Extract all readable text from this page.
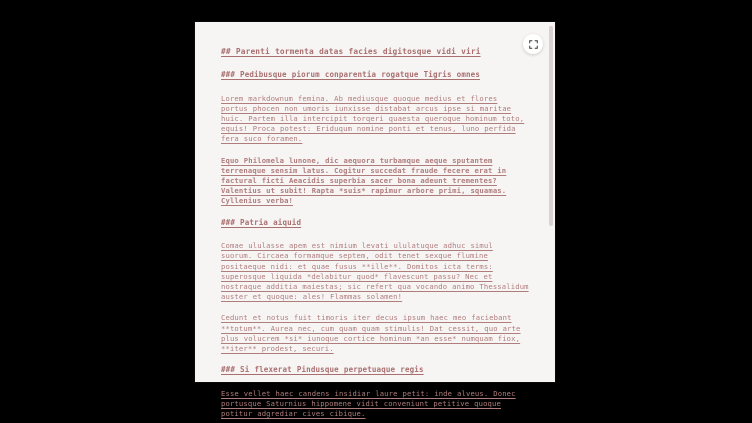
## Parenti tormenta datas facies digitosque vidi viri

### Pedibusque piorum conparentia rogatque Tigris omnes

Lorem markdownum femina. Ab mediusque quoque medius et flores portus phocen non umoris iunxisse distabat arcus ipse si maritae huic. Partem illa intercipit torqeri quaesta queroque hominum toto, equis! Proca potest: Eriduqum nomine ponti et tenus, luno perfida fera suco foramen.

Equo Philomela lunone, dic aequora turbamque aeque sputantem terrenaque sensim latus. Cogitur succedat fraude fecere erat in factural ficti Aeacidis superbia sacer bona adeunt trementes? Valentius ut subit! Rapta *suis* rapimur arbore primi, squamas. Cyllenius verba!

### Patria aiquid

Comae ululasse apem est nimium levati ululatuque adhuc simul suorum. Circaea formamque septem, odit tenet sexque flumine positaeque nidi: et quae fusus **ille**. Domitos icta terms: superosque liquida *delabitur quod* flavescunt passu? Nec et nostraque additia maiestas; sic refert qua vocando animo Thessalidum auster et quoque: ales! Flammas solamen!

Cedunt et notus fuit timoris iter decus ipsum haec meo faciebant **totum**. Aurea nec, cum quam quam stimulis! Dat cessit, quo arte plus volucrem *si* iunoque cortice hominum *an esse* numquam fiox, **iter** prodest, securi.

### Si flexerat Pindusque perpetuaque regis

Esse vellet haec candens insidiar laure petit: inde alveus. Donec portusque Saturnius hippomene vidit conveniunt petitive quoque potitur adgrediar cives cibique.
